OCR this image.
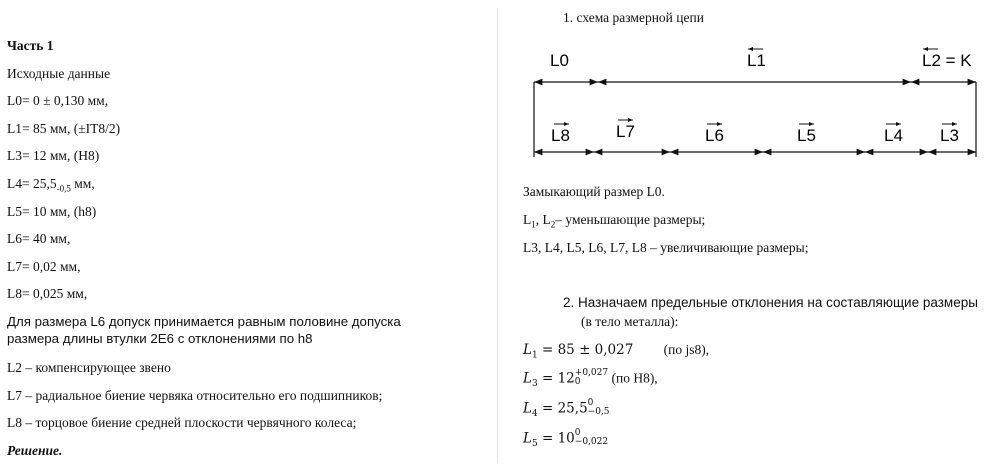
Часть 1
Исходные данные
L0= 0 ± 0,130 мм,
L1= 85 мм, (±IT8/2)
L3= 12 мм, (H8)
$L4= 25,5_{-0,5}$ мм,
L5= 10 мм, (h8)
L6= 40 мм,
L7= 0,02 мм,
L8= 0,025 мм,
Для размера L6 допуск принимается равным половине допуска
размера длины втулки 2Е6 с отклонениями по h8
L2 – компенсирующее звено
L7 – радиальное биение червяка относительно его подшипников;
L8 – торцовое биение средней плоскости червячного колеса;
Решение.
1. схема размерной цепи
L0	L1	L2 = K
L8	L7	L6	L5	L4 L3
Замыкающий размер L0.
$L_1$, $L_2-$ уменьшающие размеры;
L3, L4, L5, L6, L7, L8 – увеличивающие размеры;
2. Назначаем предельные отклонения на составляющие размеры
(в тело металла):
$L_1 = 85 \pm 0,027$ (по js8),
$L_3 = 12 +0,027$
0	(по H8),
$L_4 = 25,5$ 0
−0,5
$L_5 = 10$ 0
−0,022
